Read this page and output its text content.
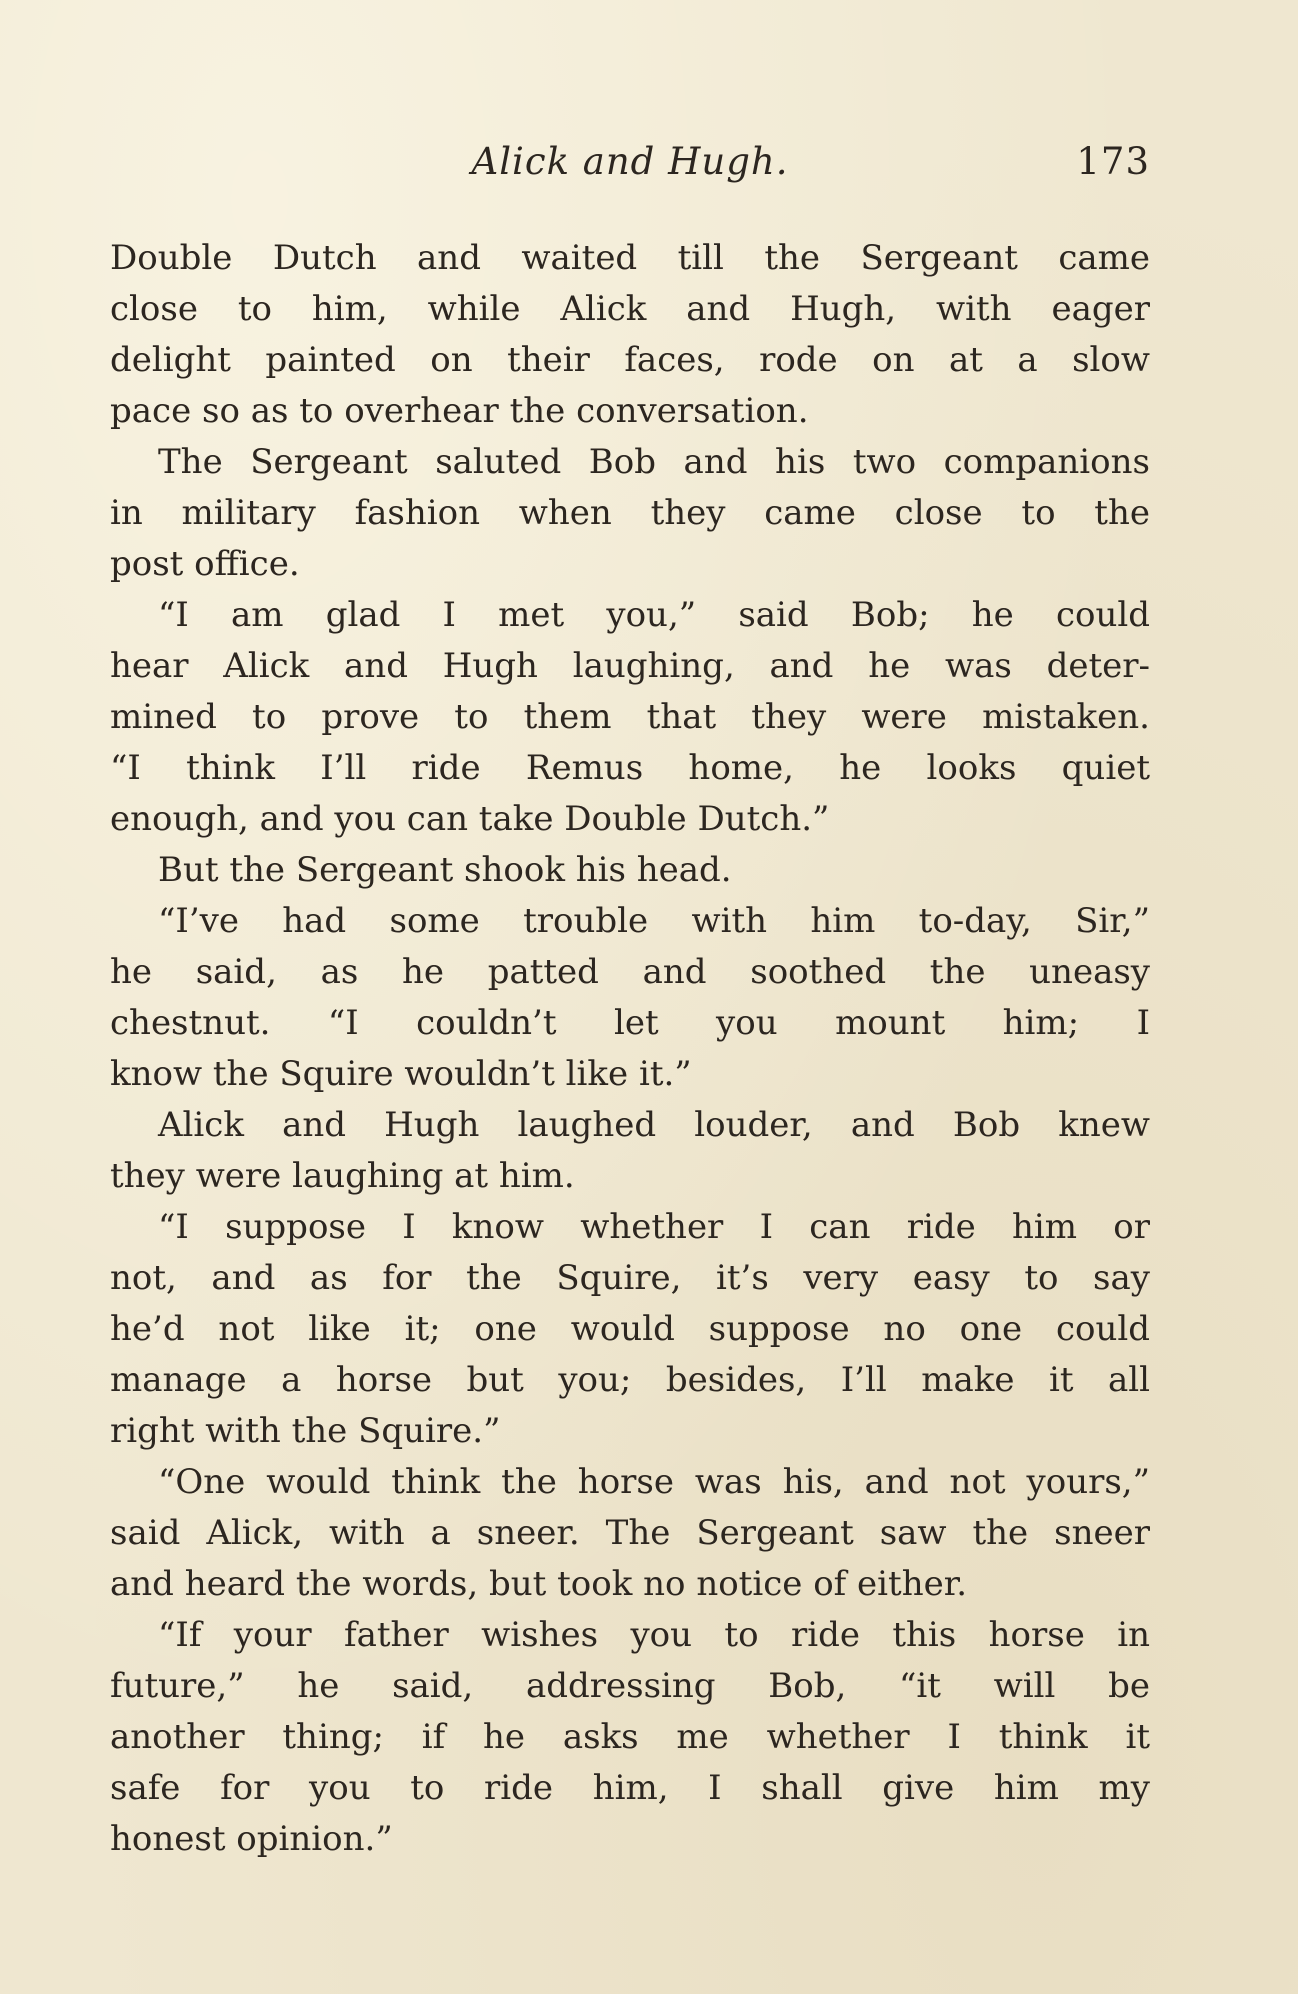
Alick and Hugh.	173
Double Dutch and waited till the Sergeant came
close to him, while Alick and Hugh, with eager
delight painted on their faces, rode on at a slow
pace so as to overhear the conversation.
The Sergeant saluted Bob and his two companions
in military fashion when they came close to the
post office.
“I am glad I met you,” said Bob; he could
hear Alick and Hugh laughing, and he was deter-
mined to prove to them that they were mistaken.
“I think I’ll ride Remus home, he looks quiet
enough, and you can take Double Dutch.”
But the Sergeant shook his head.
“I’ve had some trouble with him to-day, Sir,”
he said, as he patted and soothed the uneasy
chestnut. “I couldn’t let you mount him; I
know the Squire wouldn’t like it.”
Alick and Hugh laughed louder, and Bob knew
they were laughing at him.
“I suppose I know whether I can ride him or
not, and as for the Squire, it’s very easy to say
he’d not like it; one would suppose no one could
manage a horse but you; besides, I’ll make it all
right with the Squire.”
“One would think the horse was his, and not yours,”
said Alick, with a sneer. The Sergeant saw the sneer
and heard the words, but took no notice of either.
“If your father wishes you to ride this horse in
future,” he said, addressing Bob, “it will be
another thing; if he asks me whether I think it
safe for you to ride him, I shall give him my
honest opinion.”
